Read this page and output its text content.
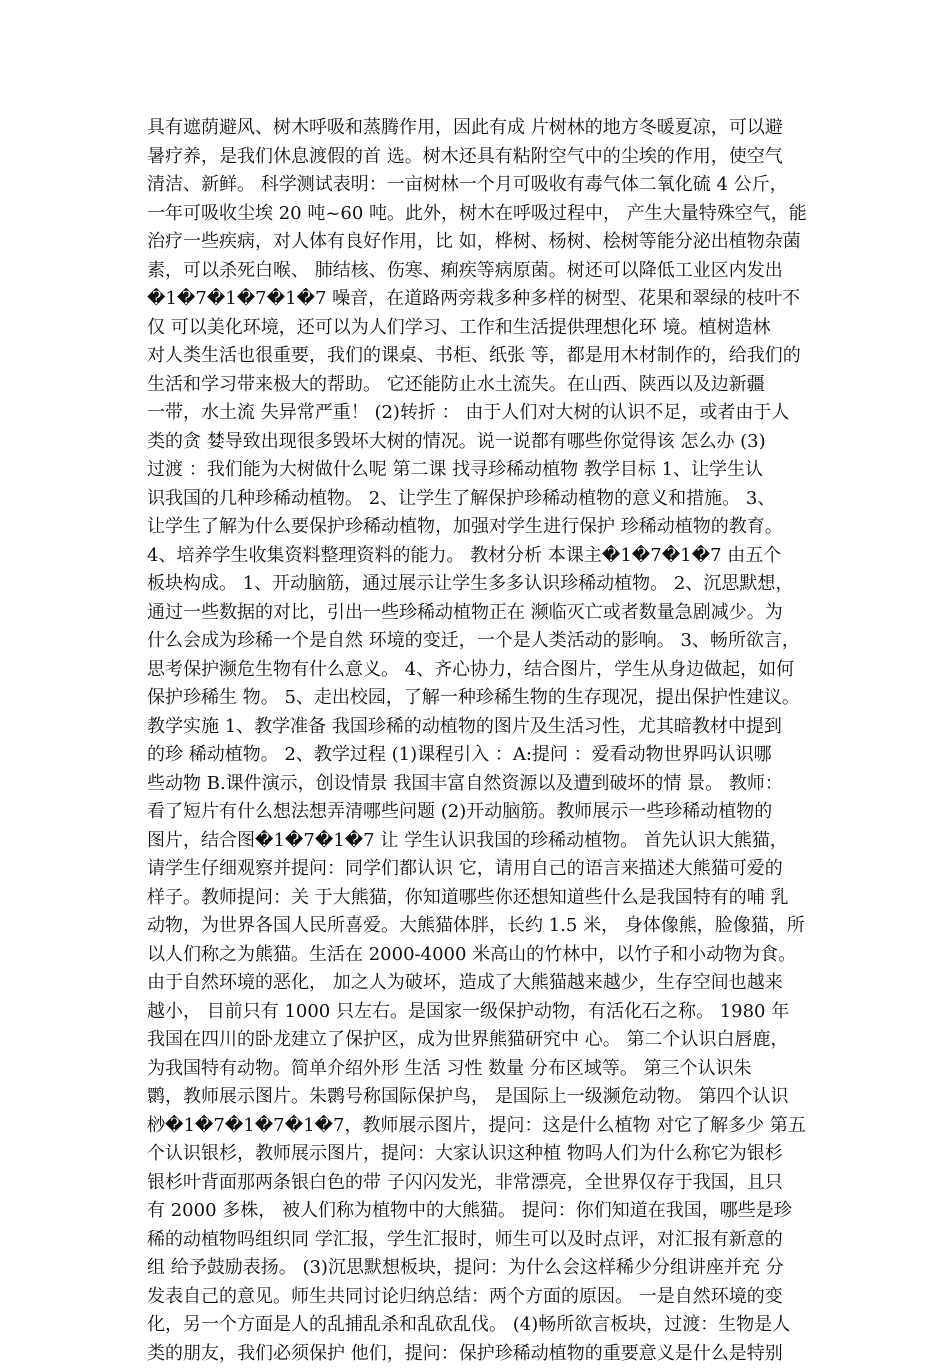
具有遮荫避风、树木呼吸和蒸腾作用，因此有成 片树林的地方冬暖夏凉，可以避
暑疗养，是我们休息渡假的首 选。树木还具有粘附空气中的尘埃的作用，使空气
清洁、新鲜。 科学测试表明：一亩树林一个月可吸收有毒气体二氧化硫 4 公斤，
一年可吸收尘埃 20 吨~60 吨。此外，树木在呼吸过程中， 产生大量特殊空气，能
治疗一些疾病，对人体有良好作用，比 如，桦树、杨树、桧树等能分泌出植物杂菌
素，可以杀死白喉、 肺结核、伤寒、痢疾等病原菌。树还可以降低工业区内发出
�1�7�1�7�1�7 噪音，在道路两旁栽多种多样的树型、花果和翠绿的枝叶不
仅 可以美化环境，还可以为人们学习、工作和生活提供理想化环 境。植树造林
对人类生活也很重要，我们的课桌、书柜、纸张 等，都是用木材制作的，给我们的
生活和学习带来极大的帮助。 它还能防止水土流失。在山西、陕西以及边新疆
一带，水土流 失异常严重！ (2)转折 ： 由于人们对大树的认识不足，或者由于人
类的贪 婪导致出现很多毁坏大树的情况。说一说都有哪些你觉得该 怎么办 (3)
过渡 ：我们能为大树做什么呢 第二课 找寻珍稀动植物 教学目标 1、让学生认
识我国的几种珍稀动植物。 2、让学生了解保护珍稀动植物的意义和措施。 3、
让学生了解为什么要保护珍稀动植物，加强对学生进行保护 珍稀动植物的教育。
4、培养学生收集资料整理资料的能力。 教材分析 本课主�1�7�1�7 由五个
板块构成。 1、开动脑筋，通过展示让学生多多认识珍稀动植物。 2、沉思默想，
通过一些数据的对比，引出一些珍稀动植物正在 濒临灭亡或者数量急剧减少。为
什么会成为珍稀一个是自然 环境的变迁，一个是人类活动的影响。 3、畅所欲言，
思考保护濒危生物有什么意义。 4、齐心协力，结合图片，学生从身边做起，如何
保护珍稀生 物。 5、走出校园，了解一种珍稀生物的生存现况，提出保护性建议。
教学实施 1、教学准备 我国珍稀的动植物的图片及生活习性，尤其暗教材中提到
的珍 稀动植物。 2、教学过程 (1)课程引入 ：A:提问 ：爱看动物世界吗认识哪
些动物 B.课件演示，创设情景 我国丰富自然资源以及遭到破坏的情 景。 教师：
看了短片有什么想法想弄清哪些问题 (2)开动脑筋。教师展示一些珍稀动植物的
图片，结合图�1�7�1�7 让 学生认识我国的珍稀动植物。 首先认识大熊猫，
请学生仔细观察并提问：同学们都认识 它，请用自己的语言来描述大熊猫可爱的
样子。教师提问：关 于大熊猫，你知道哪些你还想知道些什么是我国特有的哺 乳
动物，为世界各国人民所喜爱。大熊猫体胖，长约 1.5 米， 身体像熊，脸像猫，所
以人们称之为熊猫。生活在 2000-4000 米高山的竹林中，以竹子和小动物为食。
由于自然环境的恶化， 加之人为破坏，造成了大熊猫越来越少，生存空间也越来
越小， 目前只有 1000 只左右。是国家一级保护动物，有活化石之称。 1980 年
我国在四川的卧龙建立了保护区，成为世界熊猫研究中 心。 第二个认识白唇鹿，
为我国特有动物。简单介绍外形 生活 习性 数量 分布区域等。 第三个认识朱
鹮，教师展示图片。朱鹮号称国际保护鸟， 是国际上一级濒危动物。 第四个认识
桫�1�7�1�7�1�7，教师展示图片，提问：这是什么植物 对它了解多少 第五
个认识银杉，教师展示图片，提问：大家认识这种植 物吗人们为什么称它为银杉
银杉叶背面那两条银白色的带 子闪闪发光，非常漂亮，全世界仅存于我国，且只
有 2000 多株， 被人们称为植物中的大熊猫。 提问：你们知道在我国，哪些是珍
稀的动植物吗组织同 学汇报，学生汇报时，师生可以及时点评，对汇报有新意的
组 给予鼓励表扬。 (3)沉思默想板块，提问：为什么会这样稀少分组讲座并充 分
发表自己的意见。师生共同讨论归纳总结：两个方面的原因。 一是自然环境的变
化，另一个方面是人的乱捕乱杀和乱砍乱伐。 (4)畅所欲言板块，过渡：生物是人
类的朋友，我们必须保护 他们，提问：保护珍稀动植物的重要意义是什么是特别
